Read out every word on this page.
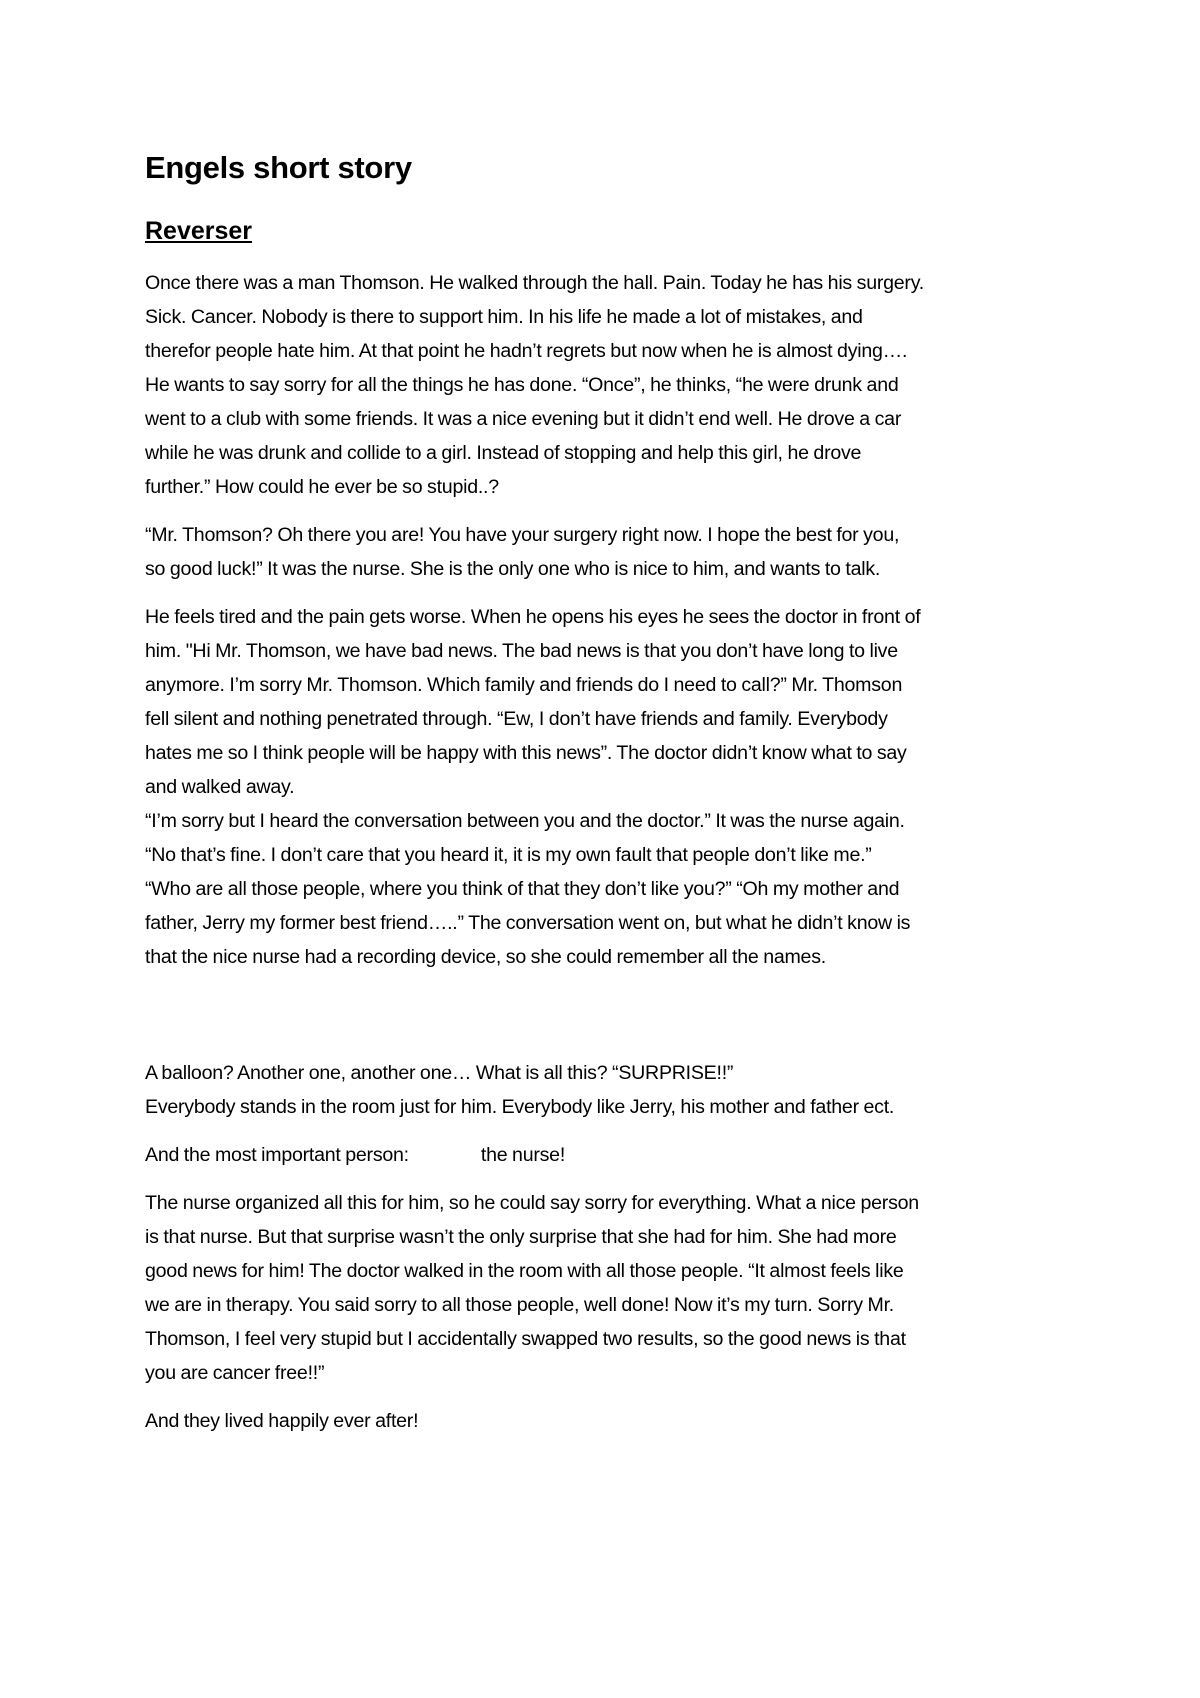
Engels short story
Reverser

Once there was a man Thomson. He walked through the hall. Pain. Today he has his surgery.
Sick. Cancer. Nobody is there to support him. In his life he made a lot of mistakes, and
therefor people hate him. At that point he hadn’t regrets but now when he is almost dying….
He wants to say sorry for all the things he has done. “Once”, he thinks, “he were drunk and
went to a club with some friends. It was a nice evening but it didn’t end well. He drove a car
while he was drunk and collide to a girl. Instead of stopping and help this girl, he drove
further.” How could he ever be so stupid..?

“Mr. Thomson? Oh there you are! You have your surgery right now. I hope the best for you,
so good luck!” It was the nurse. She is the only one who is nice to him, and wants to talk.

He feels tired and the pain gets worse. When he opens his eyes he sees the doctor in front of
him. "Hi Mr. Thomson, we have bad news. The bad news is that you don’t have long to live
anymore. I’m sorry Mr. Thomson. Which family and friends do I need to call?” Mr. Thomson
fell silent and nothing penetrated through. “Ew, I don’t have friends and family. Everybody
hates me so I think people will be happy with this news”. The doctor didn’t know what to say
and walked away.
“I’m sorry but I heard the conversation between you and the doctor.” It was the nurse again.
“No that’s fine. I don’t care that you heard it, it is my own fault that people don’t like me.”
“Who are all those people, where you think of that they don’t like you?” “Oh my mother and
father, Jerry my former best friend…..” The conversation went on, but what he didn’t know is
that the nice nurse had a recording device, so she could remember all the names.

A balloon? Another one, another one… What is all this? “SURPRISE!!”
Everybody stands in the room just for him. Everybody like Jerry, his mother and father ect.

And the most important person:	the nurse!

The nurse organized all this for him, so he could say sorry for everything. What a nice person
is that nurse. But that surprise wasn’t the only surprise that she had for him. She had more
good news for him! The doctor walked in the room with all those people. “It almost feels like
we are in therapy. You said sorry to all those people, well done! Now it’s my turn. Sorry Mr.
Thomson, I feel very stupid but I accidentally swapped two results, so the good news is that
you are cancer free!!”

And they lived happily ever after!
